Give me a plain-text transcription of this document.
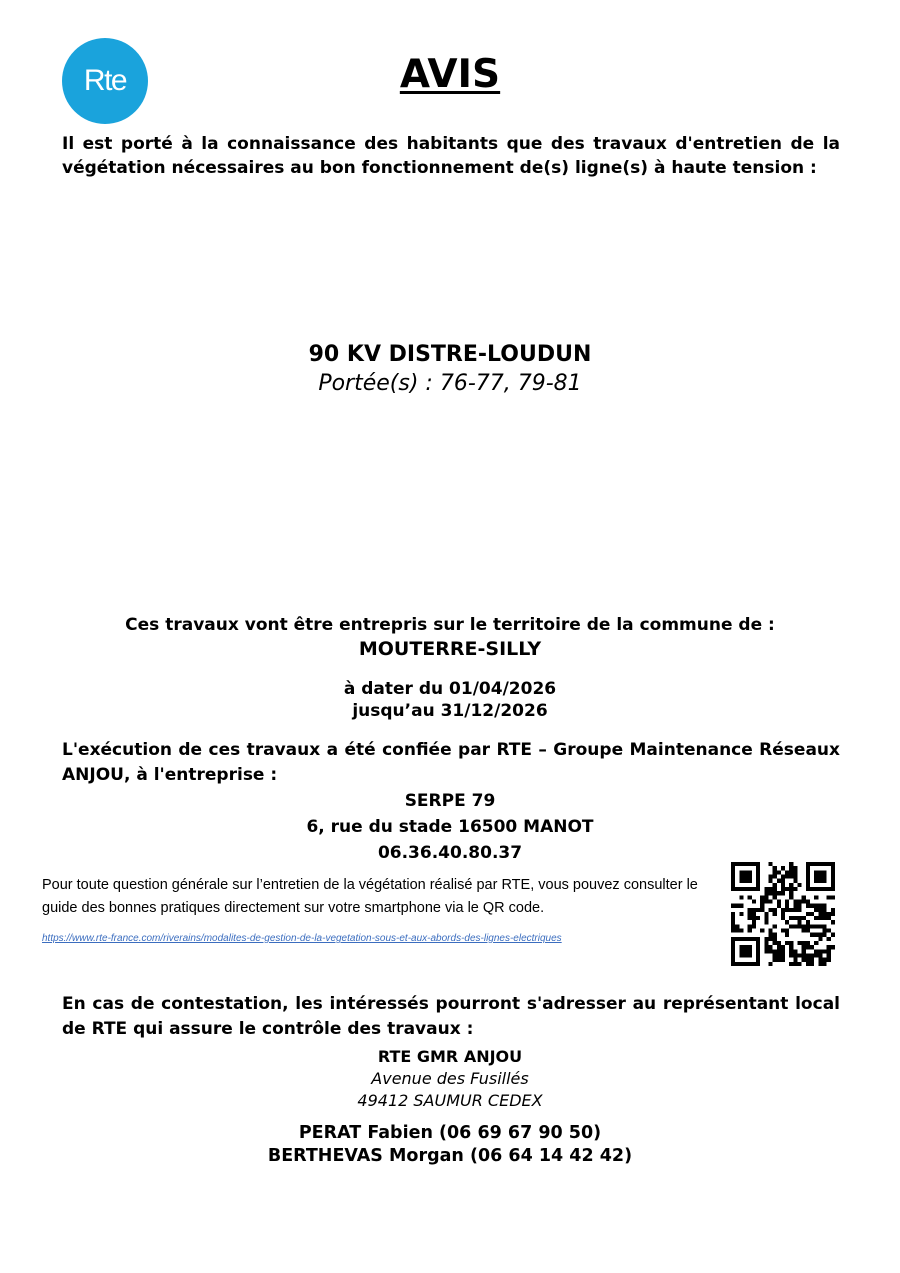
Rte	AVIS
Il est porté à la connaissance des habitants que des travaux d'entretien de la végétation nécessaires au bon fonctionnement de(s) ligne(s) à haute tension :
90 KV DISTRE-LOUDUN
Portée(s) : 76-77, 79-81
Ces travaux vont être entrepris sur le territoire de la commune de :
MOUTERRE-SILLY
à dater du 01/04/2026
jusqu’au 31/12/2026
L'exécution de ces travaux a été confiée par RTE – Groupe Maintenance Réseaux ANJOU, à l'entreprise :
SERPE 79
6, rue du stade 16500 MANOT
06.36.40.80.37
Pour toute question générale sur l’entretien de la végétation réalisé par RTE, vous pouvez consulter le guide des bonnes pratiques directement sur votre smartphone via le QR code.
https://www.rte-france.com/riverains/modalites-de-gestion-de-la-vegetation-sous-et-aux-abords-des-lignes-electriques
En cas de contestation, les intéressés pourront s'adresser au représentant local de RTE qui assure le contrôle des travaux :
RTE GMR ANJOU
Avenue des Fusillés
49412 SAUMUR CEDEX
PERAT Fabien (06 69 67 90 50)
BERTHEVAS Morgan (06 64 14 42 42)
